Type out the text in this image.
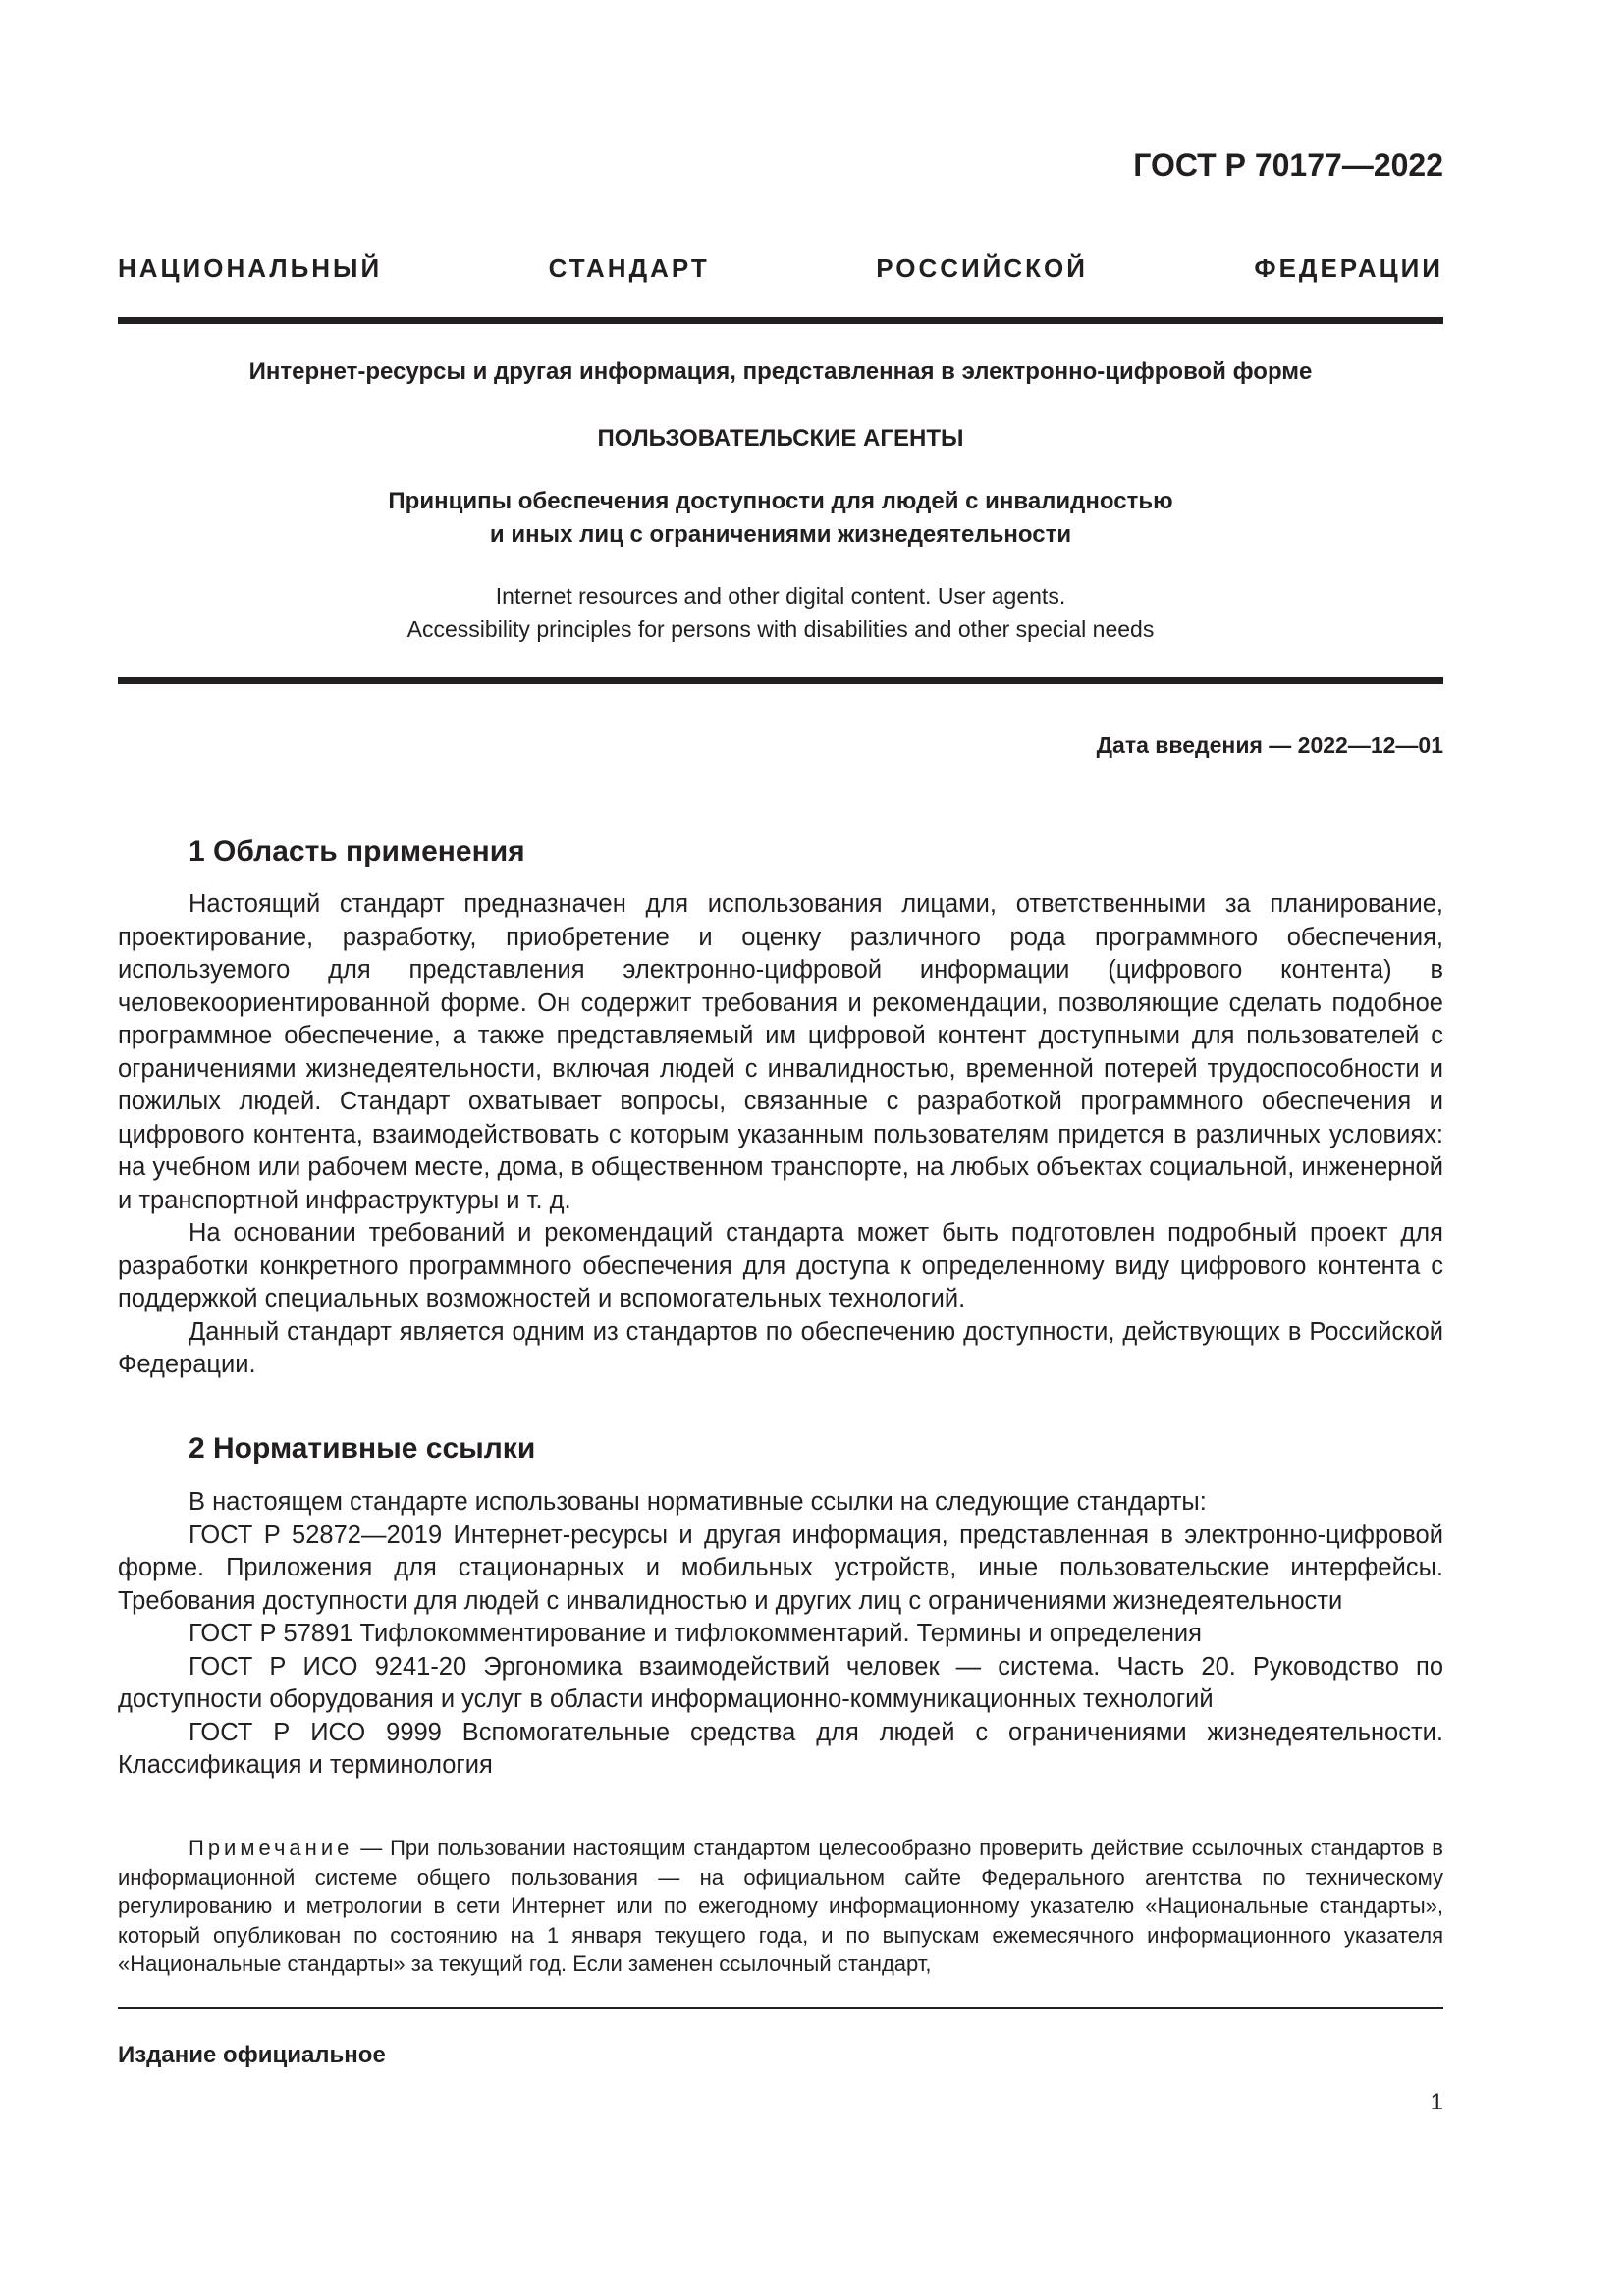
ГОСТ Р 70177—2022

НАЦИОНАЛЬНЫЙ СТАНДАРТ РОССИЙСКОЙ ФЕДЕРАЦИИ

Интернет-ресурсы и другая информация, представленная в электронно-цифровой форме

ПОЛЬЗОВАТЕЛЬСКИЕ АГЕНТЫ

Принципы обеспечения доступности для людей с инвалидностью
и иных лиц с ограничениями жизнедеятельности
Internet resources and other digital content. User agents.
Accessibility principles for persons with disabilities and other special needs

Дата введения — 2022—12—01

1 Область применения

Настоящий стандарт предназначен для использования лицами, ответственными за планирование, проектирование, разработку, приобретение и оценку различного рода программного обеспечения, используемого для представления электронно-цифровой информации (цифрового контента) в человекоориентированной форме. Он содержит требования и рекомендации, позволяющие сделать подобное программное обеспечение, а также представляемый им цифровой контент доступными для пользователей с ограничениями жизнедеятельности, включая людей с инвалидностью, временной потерей трудоспособности и пожилых людей. Стандарт охватывает вопросы, связанные с разработкой программного обеспечения и цифрового контента, взаимодействовать с которым указанным пользователям придется в различных условиях: на учебном или рабочем месте, дома, в общественном транспорте, на любых объектах социальной, инженерной и транспортной инфраструктуры и т. д.

На основании требований и рекомендаций стандарта может быть подготовлен подробный проект для разработки конкретного программного обеспечения для доступа к определенному виду цифрового контента с поддержкой специальных возможностей и вспомогательных технологий.

Данный стандарт является одним из стандартов по обеспечению доступности, действующих в Российской Федерации.

2 Нормативные ссылки

В настоящем стандарте использованы нормативные ссылки на следующие стандарты:

ГОСТ Р 52872—2019 Интернет-ресурсы и другая информация, представленная в электронно-цифровой форме. Приложения для стационарных и мобильных устройств, иные пользовательские интерфейсы. Требования доступности для людей с инвалидностью и других лиц с ограничениями жизнедеятельности

ГОСТ Р 57891 Тифлокомментирование и тифлокомментарий. Термины и определения

ГОСТ Р ИСО 9241-20 Эргономика взаимодействий человек — система. Часть 20. Руководство по доступности оборудования и услуг в области информационно-коммуникационных технологий

ГОСТ Р ИСО 9999 Вспомогательные средства для людей с ограничениями жизнедеятельности. Классификация и терминология

Примечание — При пользовании настоящим стандартом целесообразно проверить действие ссылочных стандартов в информационной системе общего пользования — на официальном сайте Федерального агентства по техническому регулированию и метрологии в сети Интернет или по ежегодному информационному указателю «Национальные стандарты», который опубликован по состоянию на 1 января текущего года, и по выпускам ежемесячного информационного указателя «Национальные стандарты» за текущий год. Если заменен ссылочный стандарт,

Издание официальное

1
